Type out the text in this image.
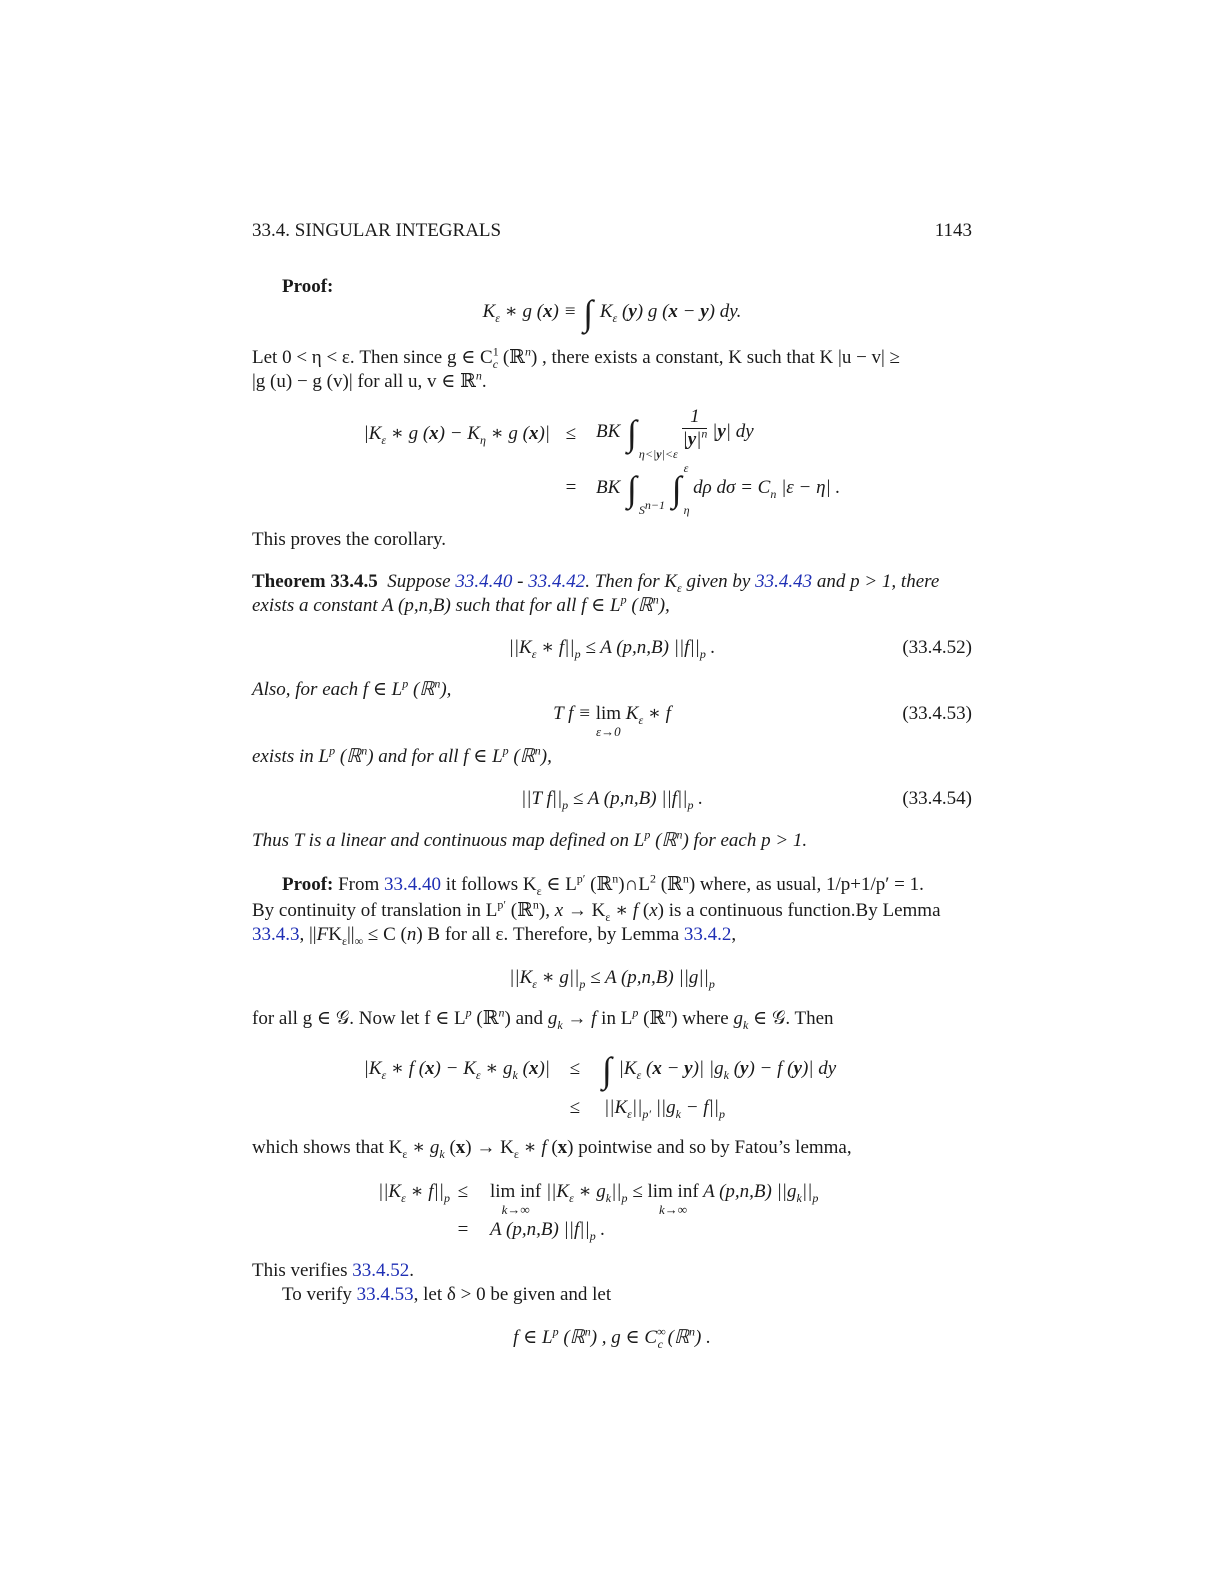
33.4. SINGULAR INTEGRALS	1143
Proof:
$K_\varepsilon$ ∗ g (x) ≡ ∫ $K_\varepsilon$ (y) g (x − y) dy.
Let 0 < η < ε. Then since g ∈ $C^1_c$ (ℝ$^n$) , there exists a constant, K such that K |u − v| ≥
|g (u) − g (v)| for all u, v ∈ ℝ$^n$.
$|K_\varepsilon$ ∗ g $(x) - K_\eta$ ∗ g (x)| ≤	BK $\int_{\eta<|y|<\varepsilon}$
$\frac{1}{|y|^n} |y|$ dy
=	BK $\int_{S^{n-1}}$ $\int_\eta^\varepsilon$ dρ $d\sigma = C_n$ |ε − η| .
This proves the corollary.
Theorem 33.4.5 Suppose 33.4.40 - 33.4.42. Then for $K_\varepsilon$ given by 33.4.43 and p > 1, there
exists a constant A (p,n,B) such that for all f ∈ $L^p$ (ℝ$^n$),
$||K_\varepsilon$ ∗ $f||_p \le A$ (p,n,B) $||f||_p$ .	(33.4.52)
Also, for each f ∈ $L^p$ (ℝ$^n$),
T f ≡ lim
ε→0
$K_\varepsilon$ ∗ f	(33.4.53)
exists in $L^p$ (ℝ$^n$) and for all f ∈ $L^p$ (ℝ$^n$),
||T $f||_p \le A$ (p,n,B) $||f||_p$ .	(33.4.54)
Thus T is a linear and continuous map defined on $L^p$ (ℝ$^n$) for each p > 1.
Proof: From 33.4.40 it follows $K_\varepsilon$ ∈ $L^{p'}$ $(ℝ^n)\cap L^2$ (ℝ$^n$) where, as usual, 1/p+1/p′ = 1.
By continuity of translation in $L^{p'}$ (ℝ$^n$), $x \to K_\varepsilon$ ∗ f (x) is a continuous function.By Lemma
33.4.3, $||FK_\varepsilon||_\infty \le C$ (n) B for all ε. Therefore, by Lemma 33.4.2,
$||K_\varepsilon$ ∗ $g||_p \le A$ (p,n,B) $||g||_p$
for all g ∈ 𝒢. Now let f ∈ $L^p$ (ℝ$^n$) and $g_k \to f$ in $L^p$ (ℝ$^n$) where $g_k$ ∈ 𝒢. Then
$|K_\varepsilon$ ∗ f $(x) - K_\varepsilon$ ∗ $g_k$ (x)|	≤ ∫ $|K_\varepsilon$ (x − y)| $|g_k$ (y) − f (y)| dy
≤	$||K_\varepsilon||_{p'}$ $||g_k - f||_p$
which shows that $K_\varepsilon$ ∗ $g_k$ $(x) \to K_\varepsilon$ ∗ f (x) pointwise and so by Fatou’s lemma,
$||K_\varepsilon$ ∗ $f||_p$ ≤	lim inf
k→∞
$||K_\varepsilon$ ∗ $g_k||_p \le \lim$ inf
k→∞
A (p,n,B) $||g_k||_p$
=	A (p,n,B) $||f||_p$ .
This verifies 33.4.52.
To verify 33.4.53, let δ > 0 be given and let
f ∈ $L^p$ (ℝ$^n$) , g ∈ $C^\infty_c$ (ℝ$^n$) .
